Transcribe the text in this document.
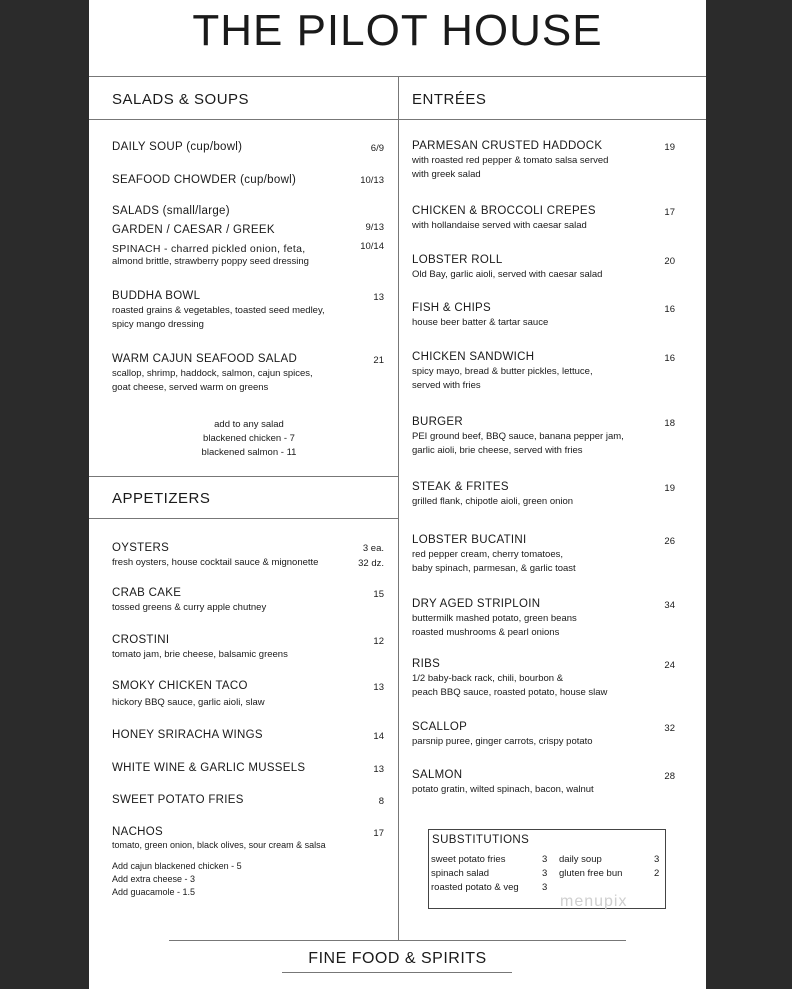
THE PILOT HOUSE
SALADS & SOUPS
DAILY SOUP (cup/bowl)	6/9
SEAFOOD CHOWDER (cup/bowl)	10/13
SALADS (small/large)
GARDEN / CAESAR / GREEK	9/13
SPINACH - charred pickled onion, feta,
almond brittle, strawberry poppy seed dressing
10/14
BUDDHA BOWL
roasted grains & vegetables, toasted seed medley,
spicy mango dressing
13
WARM CAJUN SEAFOOD SALAD
scallop, shrimp, haddock, salmon, cajun spices,
goat cheese, served warm on greens
21
add to any salad
blackened chicken - 7
blackened salmon - 11
APPETIZERS
OYSTERS
fresh oysters, house cocktail sauce & mignonette
3 ea.
32 dz.
CRAB CAKE
tossed greens & curry apple chutney
15
CROSTINI
tomato jam, brie cheese, balsamic greens
12
SMOKY CHICKEN TACO
hickory BBQ sauce, garlic aioli, slaw
13
HONEY SRIRACHA WINGS	14
WHITE WINE & GARLIC MUSSELS	13
SWEET POTATO FRIES	8
NACHOS
tomato, green onion, black olives, sour cream & salsa
17
Add cajun blackened chicken - 5
Add extra cheese - 3
Add guacamole - 1.5
ENTRÉES
PARMESAN CRUSTED HADDOCK
with roasted red pepper & tomato salsa served
with greek salad
19
CHICKEN & BROCCOLI CREPES
with hollandaise served with caesar salad
17
LOBSTER ROLL
Old Bay, garlic aioli, served with caesar salad
20
FISH & CHIPS
house beer batter & tartar sauce
16
CHICKEN SANDWICH
spicy mayo, bread & butter pickles, lettuce,
served with fries
16
BURGER
PEI ground beef, BBQ sauce, banana pepper jam,
garlic aioli, brie cheese, served with fries
18
STEAK & FRITES
grilled flank, chipotle aioli, green onion
19
LOBSTER BUCATINI
red pepper cream, cherry tomatoes,
baby spinach, parmesan, & garlic toast
26
DRY AGED STRIPLOIN
buttermilk mashed potato, green beans
roasted mushrooms & pearl onions
34
RIBS
1/2 baby-back rack, chili, bourbon &
peach BBQ sauce, roasted potato, house slaw
24
SCALLOP
parsnip puree, ginger carrots, crispy potato
32
SALMON
potato gratin, wilted spinach, bacon, walnut
28
SUBSTITUTIONS
sweet potato fries	3 daily soup	3
spinach salad	3 gluten free bun	2
roasted potato & veg 3
menupix
FINE FOOD & SPIRITS
